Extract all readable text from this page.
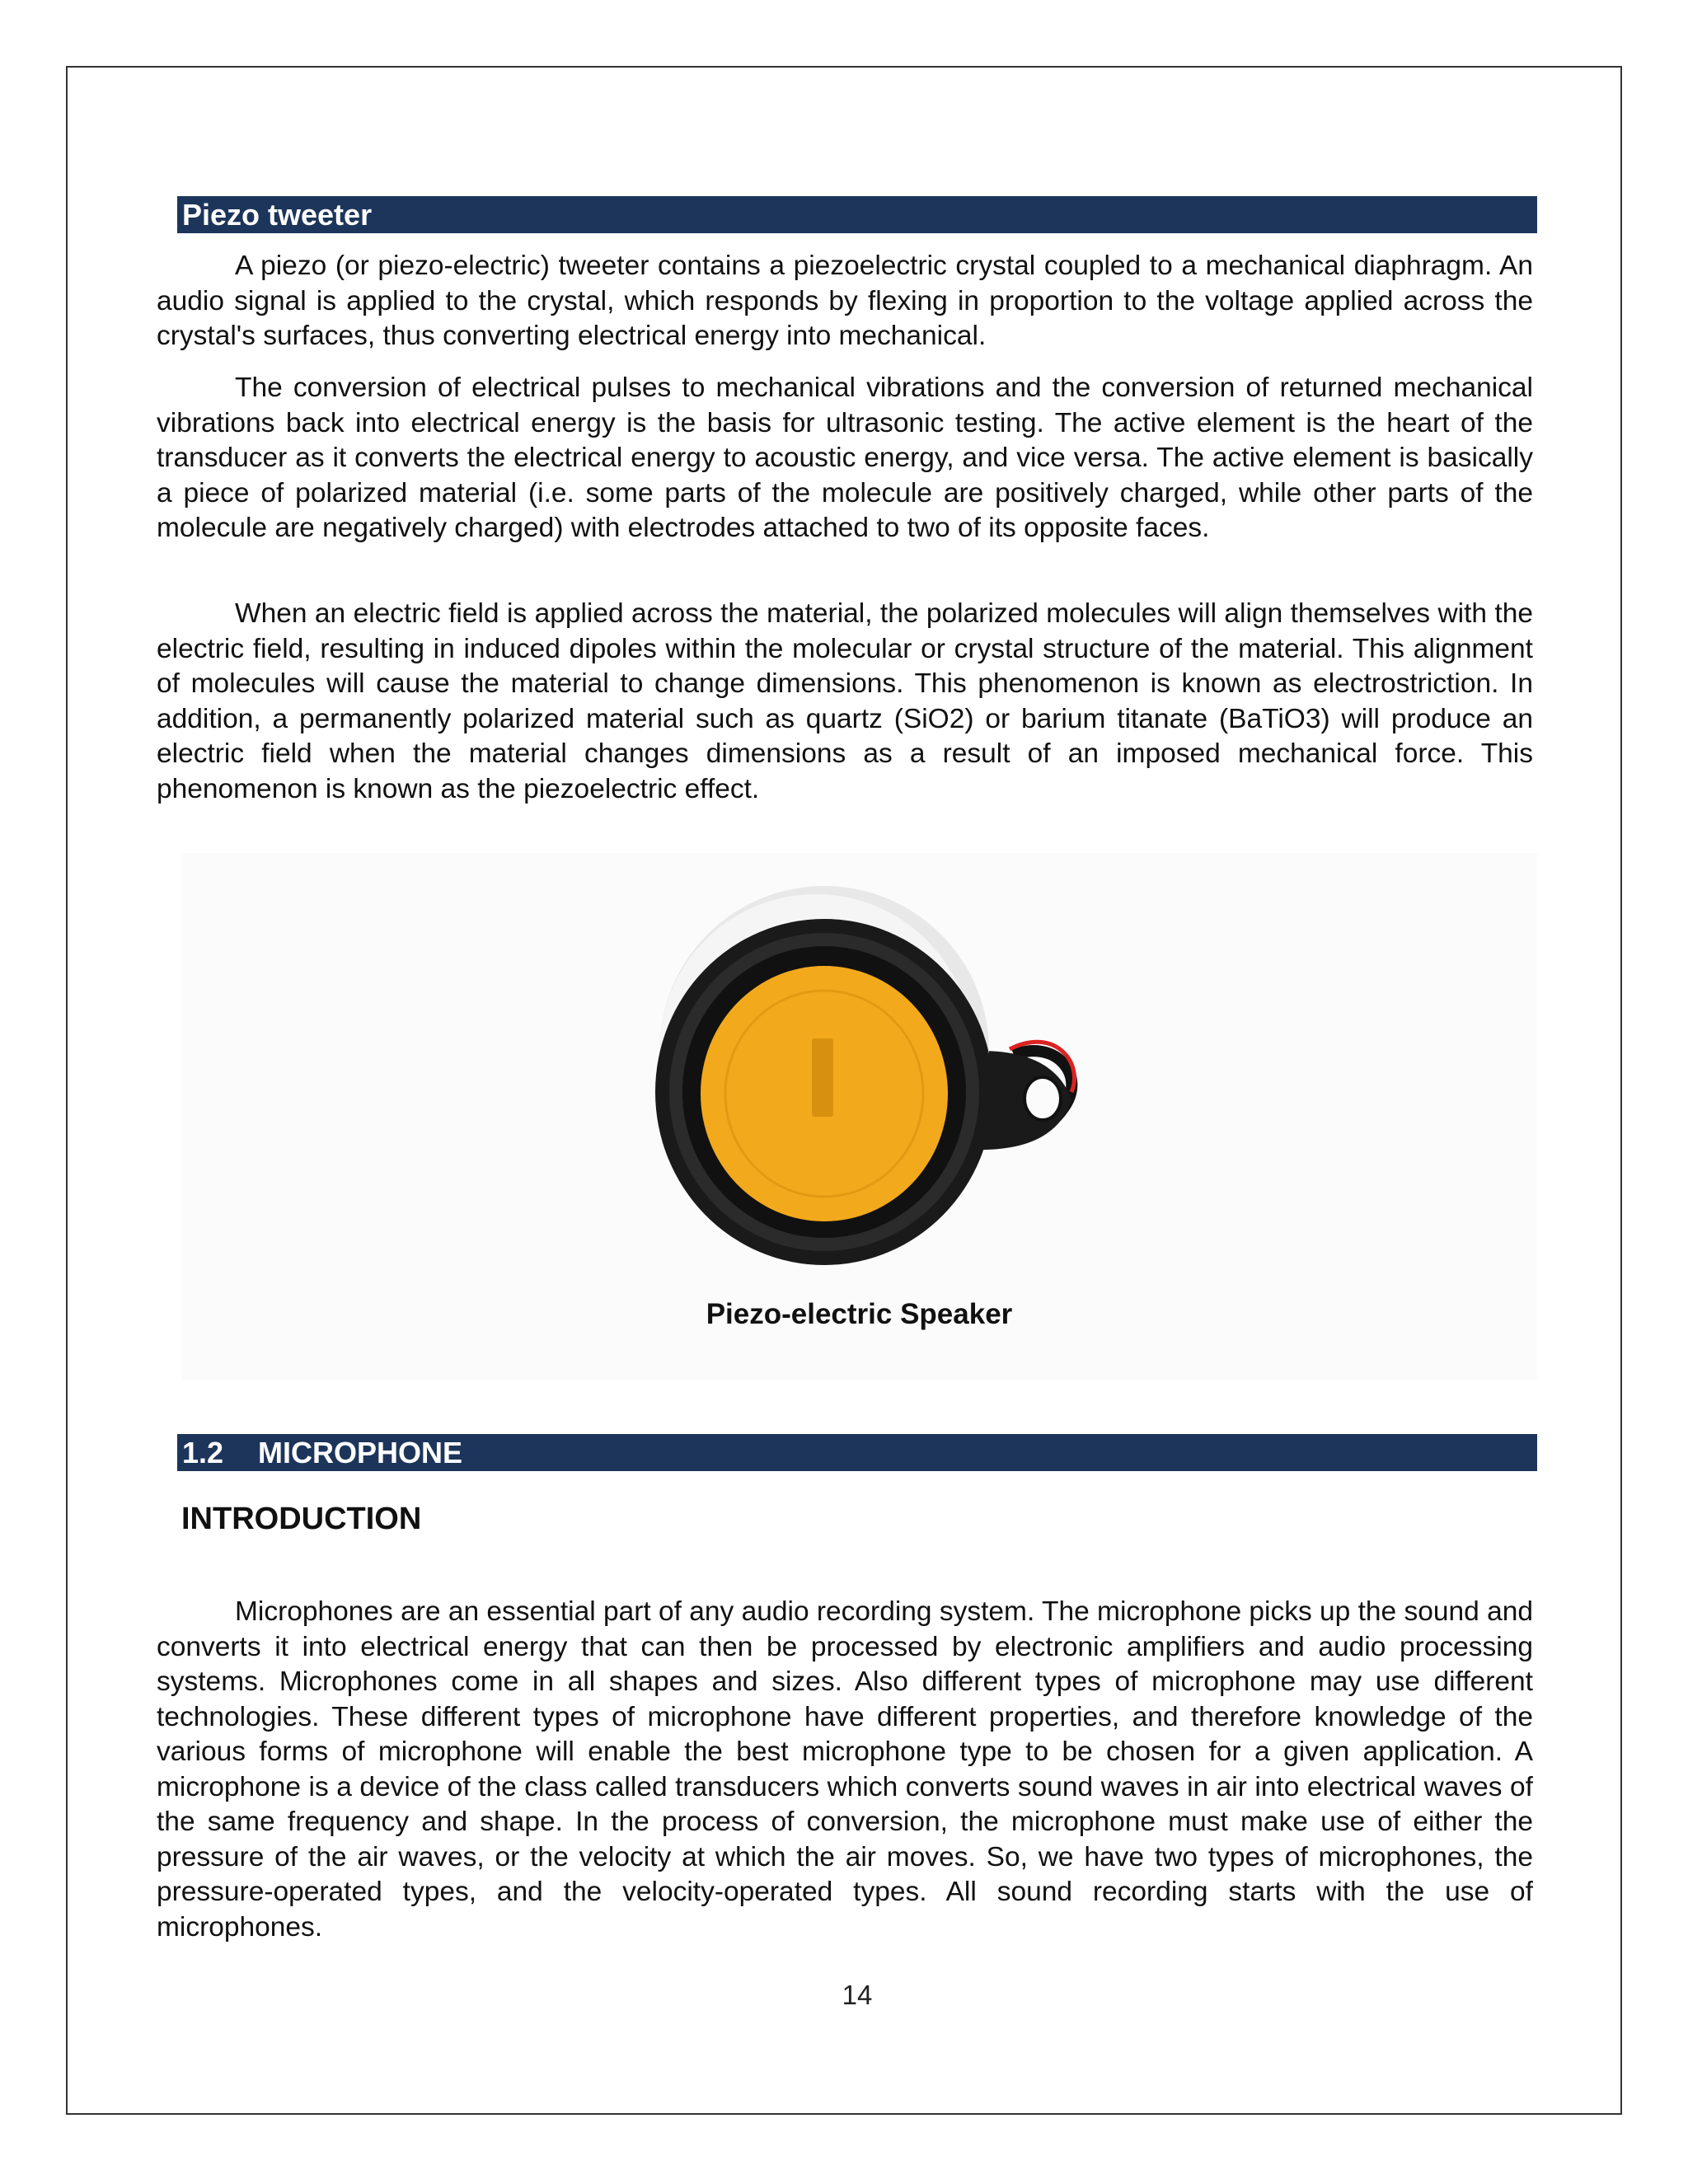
Piezo tweeter

A piezo (or piezo-electric) tweeter contains a piezoelectric crystal coupled to a mechanical diaphragm. An audio signal is applied to the crystal, which responds by flexing in proportion to the voltage applied across the crystal's surfaces, thus converting electrical energy into mechanical.

The conversion of electrical pulses to mechanical vibrations and the conversion of returned mechanical vibrations back into electrical energy is the basis for ultrasonic testing. The active element is the heart of the transducer as it converts the electrical energy to acoustic energy, and vice versa. The active element is basically a piece of polarized material (i.e. some parts of the molecule are positively charged, while other parts of the molecule are negatively charged) with electrodes attached to two of its opposite faces.

When an electric field is applied across the material, the polarized molecules will align themselves with the electric field, resulting in induced dipoles within the molecular or crystal structure of the material. This alignment of molecules will cause the material to change dimensions. This phenomenon is known as electrostriction. In addition, a permanently polarized material such as quartz (SiO2) or barium titanate (BaTiO3) will produce an electric field when the material changes dimensions as a result of an imposed mechanical force. This phenomenon is known as the piezoelectric effect.

Piezo-electric Speaker
1.2 MICROPHONE
INTRODUCTION

Microphones are an essential part of any audio recording system. The microphone picks up the sound and converts it into electrical energy that can then be processed by electronic amplifiers and audio processing systems. Microphones come in all shapes and sizes. Also different types of microphone may use different technologies. These different types of microphone have different properties, and therefore knowledge of the various forms of microphone will enable the best microphone type to be chosen for a given application. A microphone is a device of the class called transducers which converts sound waves in air into electrical waves of the same frequency and shape. In the process of conversion, the microphone must make use of either the pressure of the air waves, or the velocity at which the air moves. So, we have two types of microphones, the pressure-operated types, and the velocity-operated types. All sound recording starts with the use of microphones.

14
